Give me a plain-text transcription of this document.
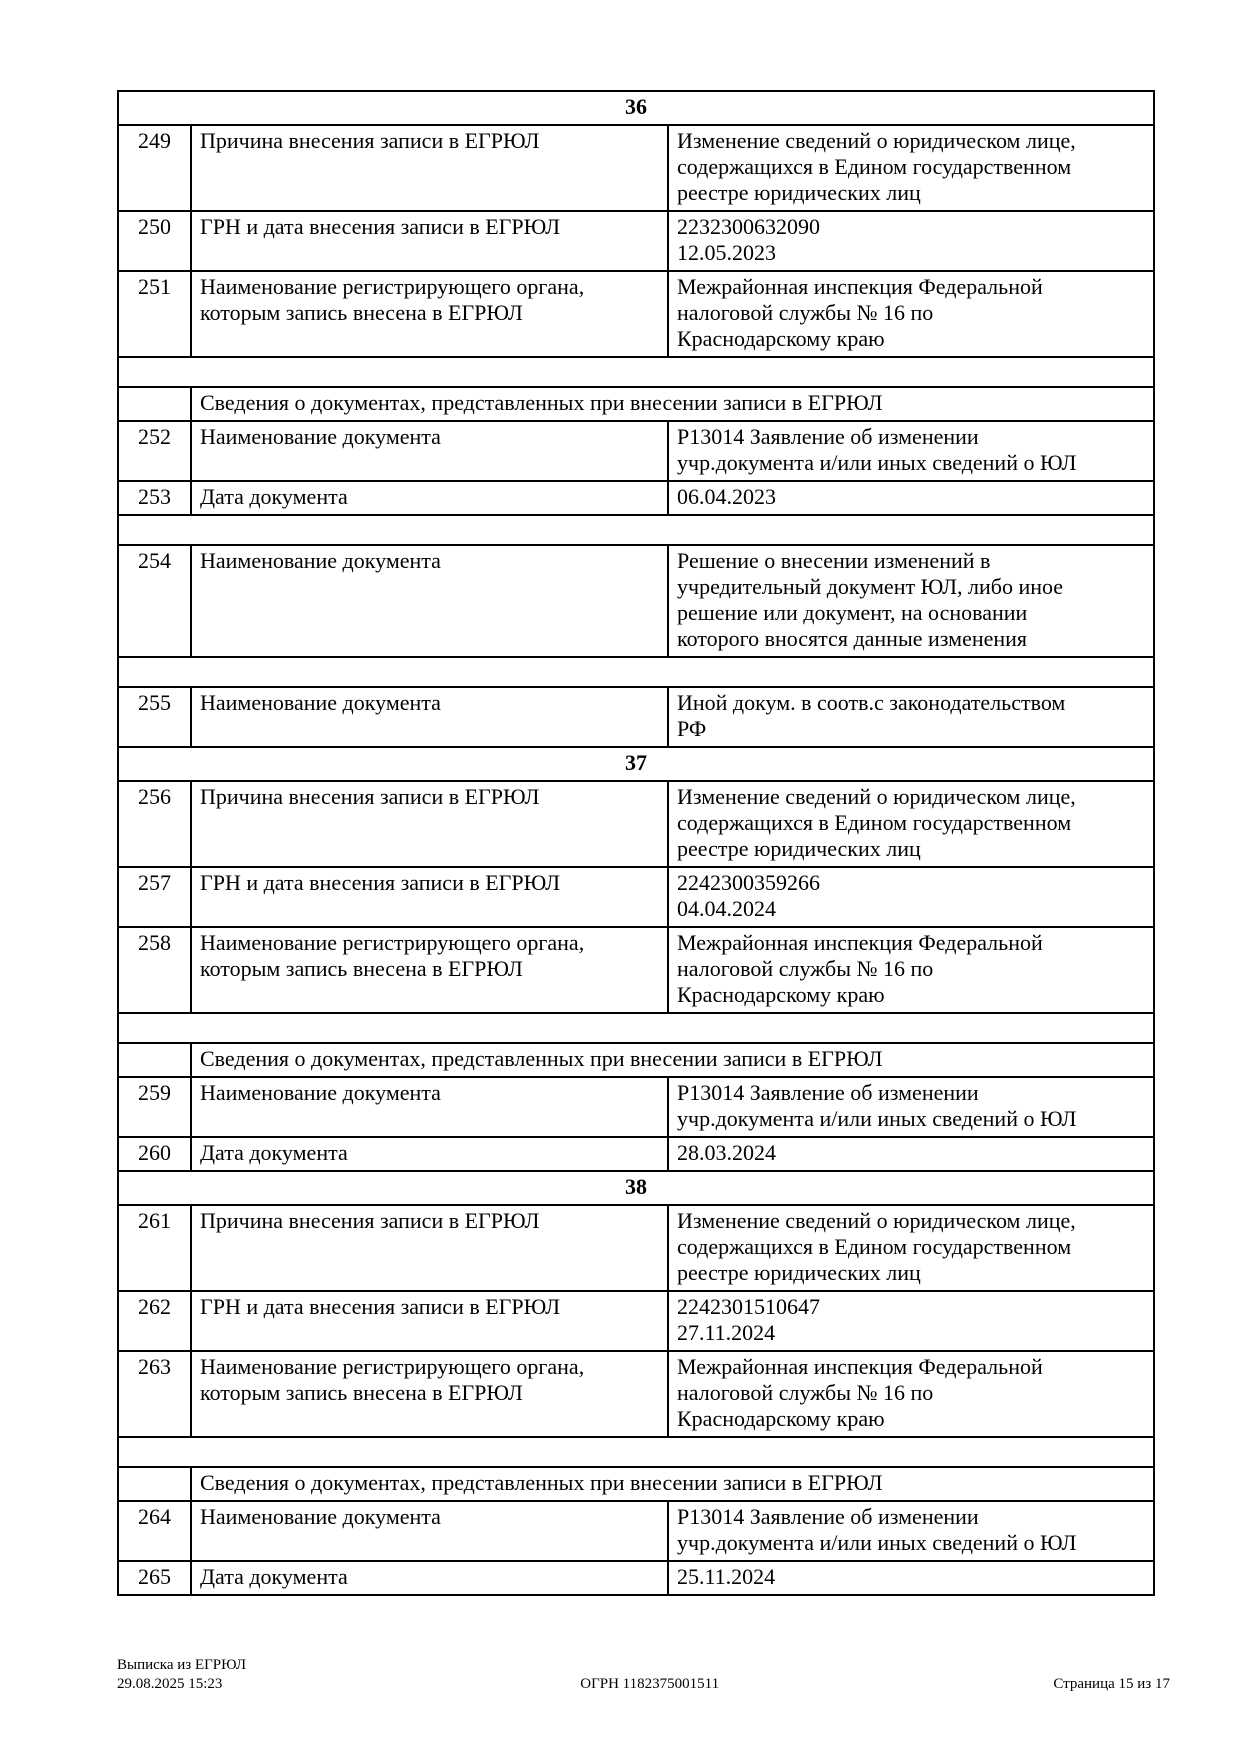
36		
249	Причина внесения записи в ЕГРЮЛ	Изменение сведений о юридическом лице,
содержащихся в Едином государственном
реестре юридических лиц

250	ГРН и дата внесения записи в ЕГРЮЛ	2232300632090
12.05.2023

251	Наименование регистрирующего органа, которым запись внесена в ЕГРЮЛ	Межрайонная инспекция Федеральной
налоговой службы № 16 по
Краснодарскому краю

	Сведения о документах, представленных при внесении записи в ЕГРЮЛ	
252	Наименование документа	Р13014 Заявление об изменении
учр.документа и/или иных сведений о ЮЛ

253	Дата документа	06.04.2023

254	Наименование документа	Решение о внесении изменений в
учредительный документ ЮЛ, либо иное
решение или документ, на основании
которого вносятся данные изменения

255	Наименование документа	Иной докум. в соотв.с законодательством
РФ

37		
256	Причина внесения записи в ЕГРЮЛ	Изменение сведений о юридическом лице,
содержащихся в Едином государственном
реестре юридических лиц

257	ГРН и дата внесения записи в ЕГРЮЛ	2242300359266
04.04.2024

258	Наименование регистрирующего органа, которым запись внесена в ЕГРЮЛ	Межрайонная инспекция Федеральной
налоговой службы № 16 по
Краснодарскому краю

	Сведения о документах, представленных при внесении записи в ЕГРЮЛ	
259	Наименование документа	Р13014 Заявление об изменении
учр.документа и/или иных сведений о ЮЛ

260	Дата документа	28.03.2024

38		
261	Причина внесения записи в ЕГРЮЛ	Изменение сведений о юридическом лице,
содержащихся в Едином государственном
реестре юридических лиц

262	ГРН и дата внесения записи в ЕГРЮЛ	2242301510647
27.11.2024

263	Наименование регистрирующего органа, которым запись внесена в ЕГРЮЛ	Межрайонная инспекция Федеральной
налоговой службы № 16 по
Краснодарскому краю

	Сведения о документах, представленных при внесении записи в ЕГРЮЛ	
264	Наименование документа	Р13014 Заявление об изменении
учр.документа и/или иных сведений о ЮЛ

265	Дата документа	25.11.2024
Выписка из ЕГРЮЛ
29.08.2025 15:23	ОГРН 1182375001511	Страница 15 из 17
